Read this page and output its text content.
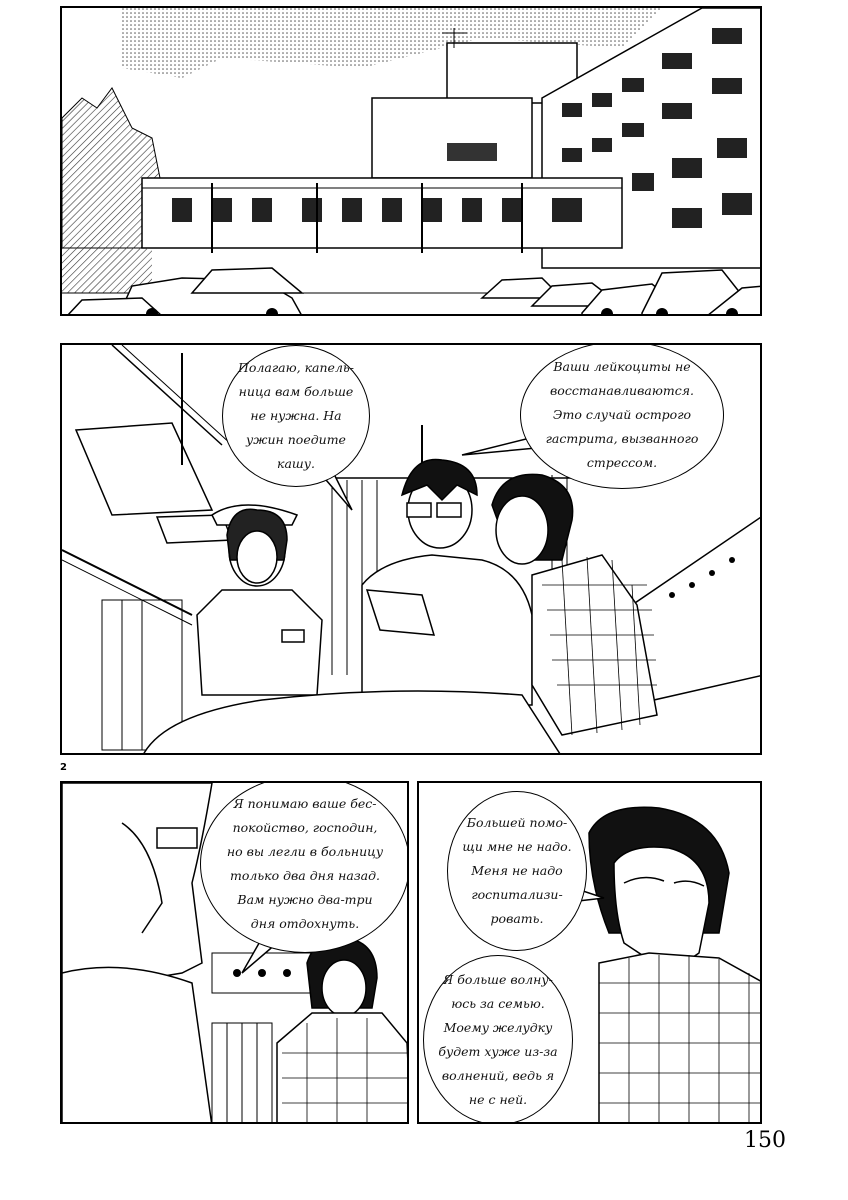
Полагаю, капель-
ница вам больше
не нужна. На
ужин поедите
кашу.
Ваши лейкоциты не
восстанавливаются.
Это случай острого
гастрита, вызванного
стрессом.
2
Я понимаю ваше бес-
покойство, господин,
но вы легли в больницу
только два дня назад.
Вам нужно два-три
дня отдохнуть.
Большей помо-
щи мне не надо.
Меня не надо
госпитализи-
ровать.
Я больше волну-
юсь за семью.
Моему желудку
будет хуже из-за
волнений, ведь я
не с ней.
150
